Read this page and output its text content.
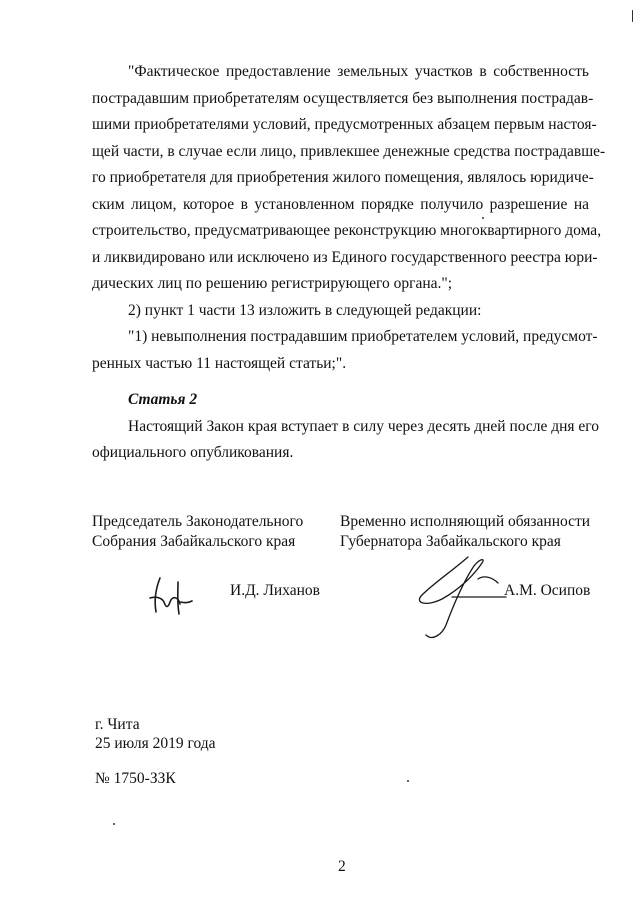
"Фактическое предоставление земельных участков в собственность
пострадавшим приобретателям осуществляется без выполнения пострадав-
шими приобретателями условий, предусмотренных абзацем первым настоя-
щей части, в случае если лицо, привлекшее денежные средства пострадавше-
го приобретателя для приобретения жилого помещения, являлось юридиче-
ским лицом, которое в установленном порядке получило разрешение на
строительство, предусматривающее реконструкцию многоквартирного дома,
и ликвидировано или исключено из Единого государственного реестра юри-
дических лиц по решению регистрирующего органа.";

2) пункт 1 части 13 изложить в следующей редакции:

"1) невыполнения пострадавшим приобретателем условий, предусмот-
ренных частью 11 настоящей статьи;".

Статья 2

Настоящий Закон края вступает в силу через десять дней после дня его
официального опубликования.

Председатель Законодательного
Собрания Забайкальского края
Временно исполняющий обязанности
Губернатора Забайкальского края
И.Д. Лиханов	А.М. Осипов
г. Чита
25 июля 2019 года
№ 1750-ЗЗК
2
